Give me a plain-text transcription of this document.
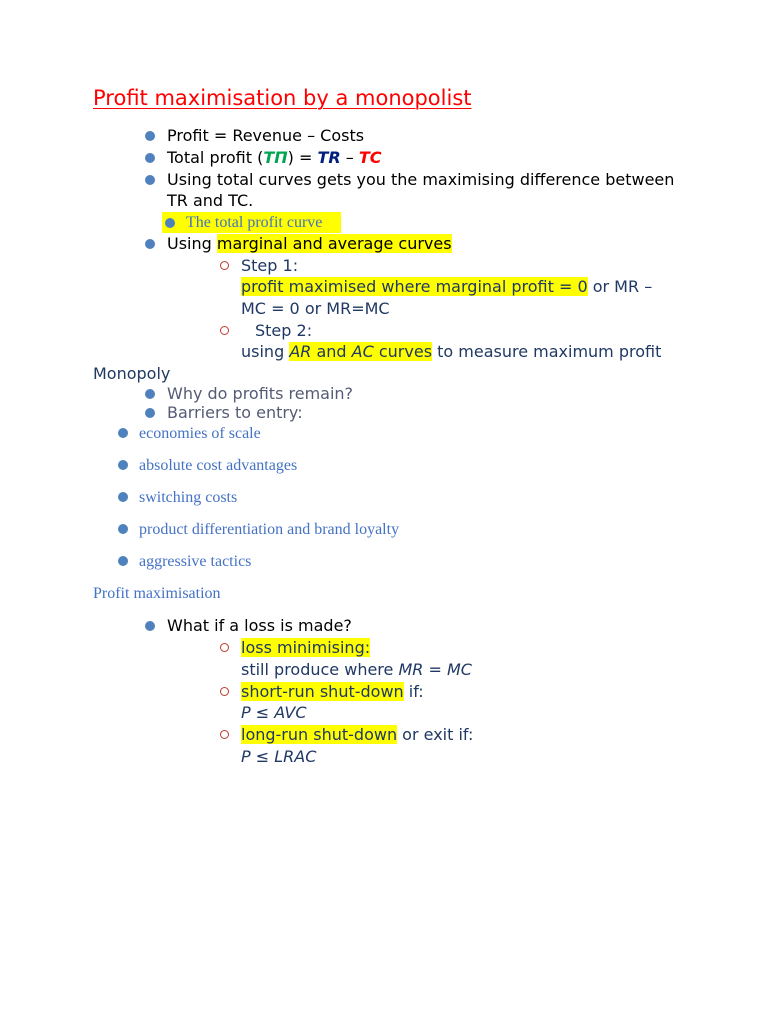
Profit maximisation by a monopolist
Profit = Revenue – Costs
Total profit (TΠ) = TR – TC
Using total curves gets you the maximising difference between
TR and TC.
The total profit curve
Using marginal and average curves
Step 1:
profit maximised where marginal profit = 0 or MR –
MC = 0 or MR=MC
Step 2:
using AR and AC curves to measure maximum profit
Monopoly
Why do profits remain?
Barriers to entry:
economies of scale
absolute cost advantages
switching costs
product differentiation and brand loyalty
aggressive tactics
Profit maximisation
What if a loss is made?
loss minimising:
still produce where MR = MC
short-run shut-down if:
P ≤ AVC
long-run shut-down or exit if:
P ≤ LRAC
